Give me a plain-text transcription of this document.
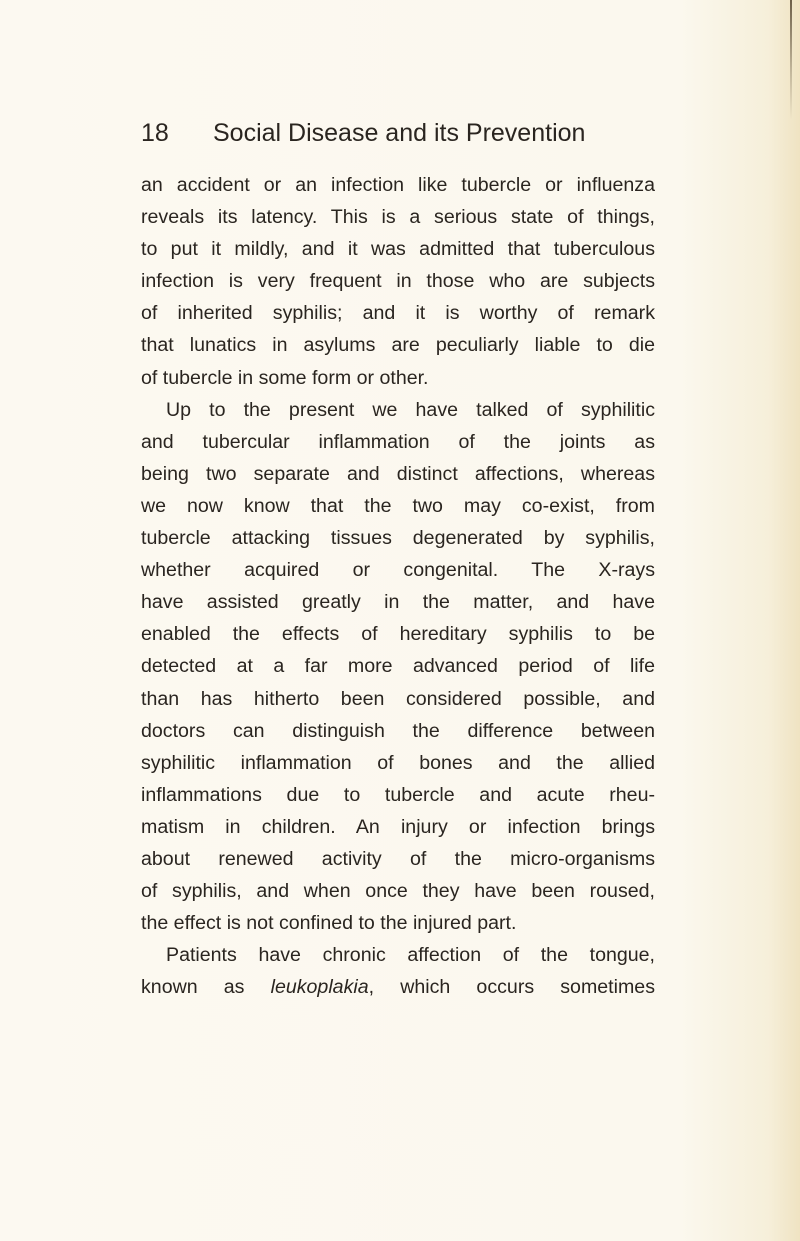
18 Social Disease and its Prevention
an accident or an infection like tubercle or influenza
reveals its latency. This is a serious state of things,
to put it mildly, and it was admitted that tuberculous
infection is very frequent in those who are subjects
of inherited syphilis; and it is worthy of remark
that lunatics in asylums are peculiarly liable to die
of tubercle in some form or other.
Up to the present we have talked of syphilitic
and tubercular inflammation of the joints as
being two separate and distinct affections, whereas
we now know that the two may co-exist, from
tubercle attacking tissues degenerated by syphilis,
whether acquired or congenital. The X-rays
have assisted greatly in the matter, and have
enabled the effects of hereditary syphilis to be
detected at a far more advanced period of life
than has hitherto been considered possible, and
doctors can distinguish the difference between
syphilitic inflammation of bones and the allied
inflammations due to tubercle and acute rheu-
matism in children. An injury or infection brings
about renewed activity of the micro-organisms
of syphilis, and when once they have been roused,
the effect is not confined to the injured part.
Patients have chronic affection of the tongue,
known as leukoplakia, which occurs sometimes
